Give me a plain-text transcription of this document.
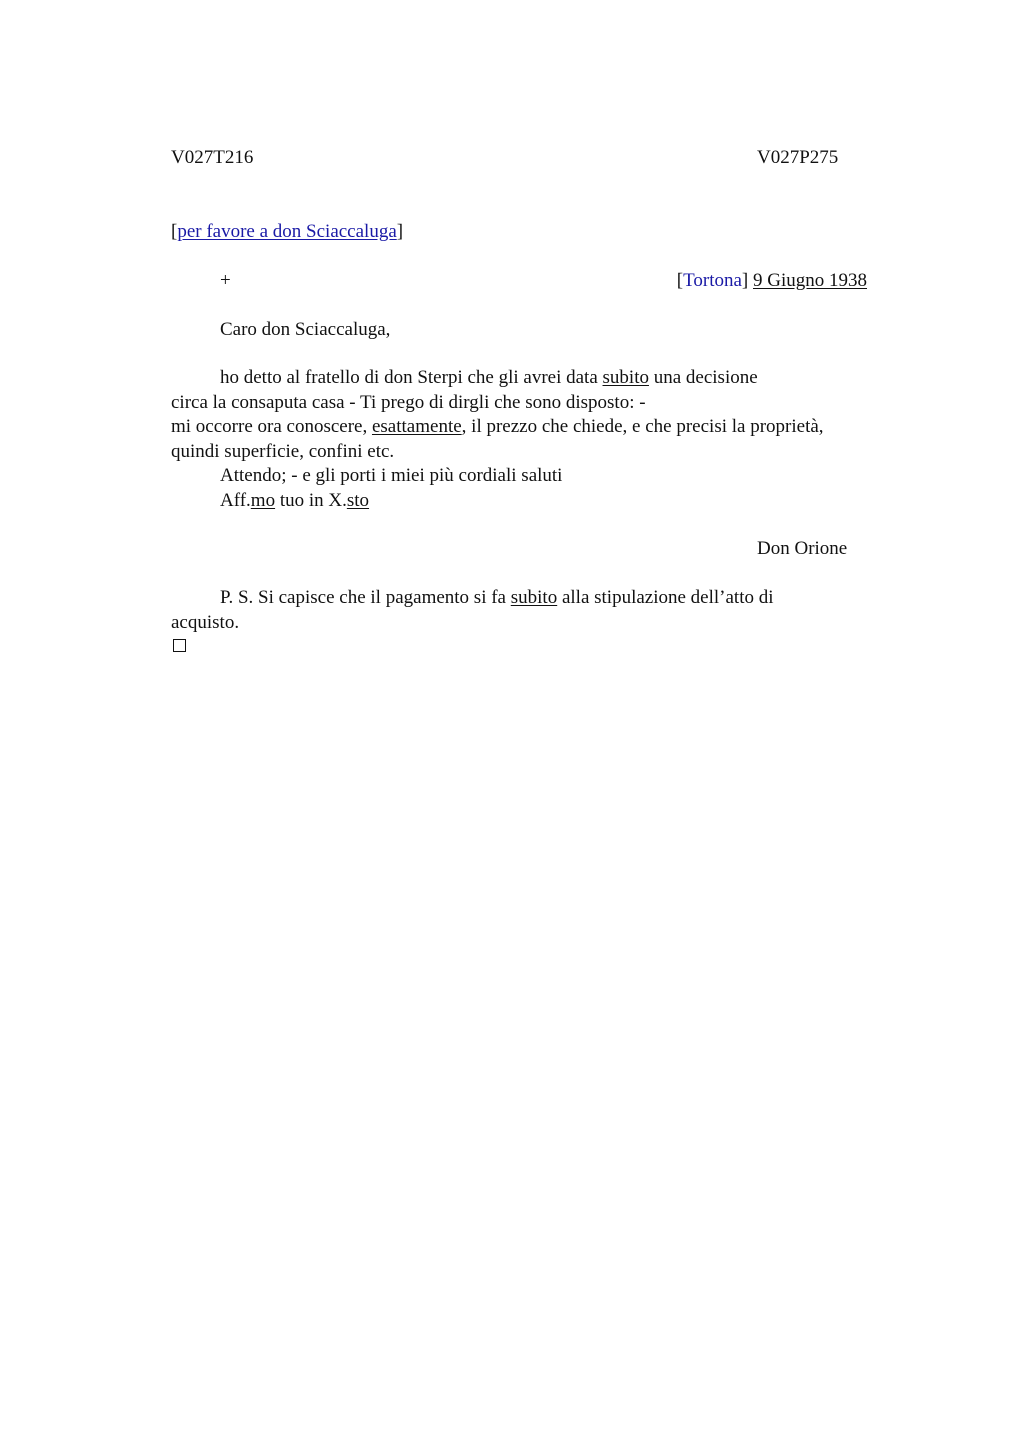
V027T216	V027P275
[per favore a don Sciaccaluga]
+	[Tortona] 9 Giugno 1938
Caro don Sciaccaluga,
ho detto al fratello di don Sterpi che gli avrei data subito una decisione
circa la consaputa casa - Ti prego di dirgli che sono disposto: -
mi occorre ora conoscere, esattamente, il prezzo che chiede, e che precisi la proprietà,
quindi superficie, confini etc.
Attendo; - e gli porti i miei più cordiali saluti
Aff.mo tuo in X.sto
Don Orione
P. S. Si capisce che il pagamento si fa subito alla stipulazione dell’atto di
acquisto.
